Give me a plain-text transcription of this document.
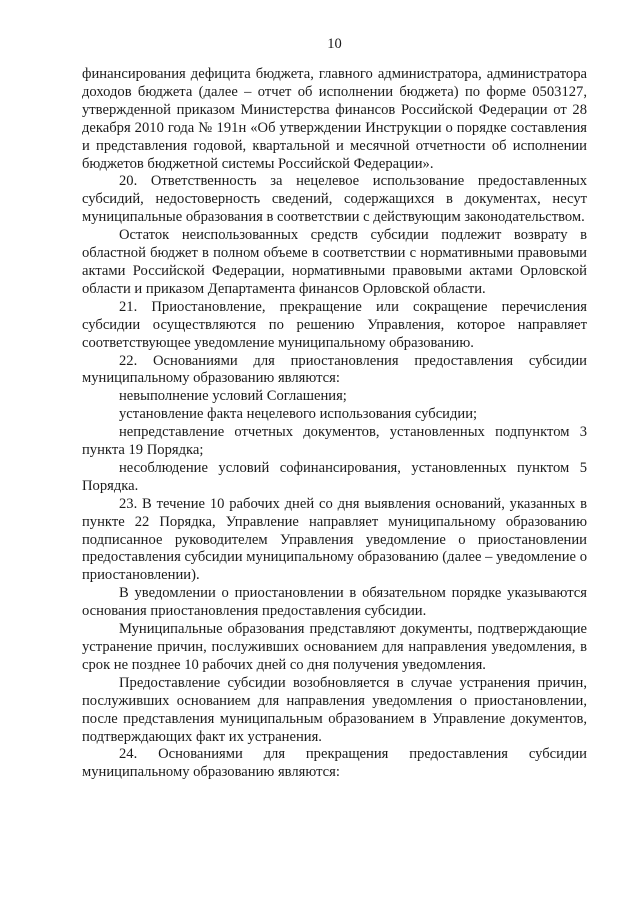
10

финансирования дефицита бюджета, главного администратора, администратора доходов бюджета (далее – отчет об исполнении бюджета) по форме 0503127, утвержденной приказом Министерства финансов Российской Федерации от 28 декабря 2010 года № 191н «Об утверждении Инструкции о порядке составления и представления годовой, квартальной и месячной отчетности об исполнении бюджетов бюджетной системы Российской Федерации».

20. Ответственность за нецелевое использование предоставленных субсидий, недостоверность сведений, содержащихся в документах, несут муниципальные образования в соответствии с действующим законодательством.

Остаток неиспользованных средств субсидии подлежит возврату в областной бюджет в полном объеме в соответствии с нормативными правовыми актами Российской Федерации, нормативными правовыми актами Орловской области и приказом Департамента финансов Орловской области.

21. Приостановление, прекращение или сокращение перечисления субсидии осуществляются по решению Управления, которое направляет соответствующее уведомление муниципальному образованию.

22. Основаниями для приостановления предоставления субсидии муниципальному образованию являются:

невыполнение условий Соглашения;

установление факта нецелевого использования субсидии;

непредставление отчетных документов, установленных подпунктом 3 пункта 19 Порядка;

несоблюдение условий софинансирования, установленных пунктом 5 Порядка.

23. В течение 10 рабочих дней со дня выявления оснований, указанных в пункте 22 Порядка, Управление направляет муниципальному образованию подписанное руководителем Управления уведомление о приостановлении предоставления субсидии муниципальному образованию (далее – уведомление о приостановлении).

В уведомлении о приостановлении в обязательном порядке указываются основания приостановления предоставления субсидии.

Муниципальные образования представляют документы, подтверждающие устранение причин, послуживших основанием для направления уведомления, в срок не позднее 10 рабочих дней со дня получения уведомления.

Предоставление субсидии возобновляется в случае устранения причин, послуживших основанием для направления уведомления о приостановлении, после представления муниципальным образованием в Управление документов, подтверждающих факт их устранения.

24. Основаниями для прекращения предоставления субсидии муниципальному образованию являются:
